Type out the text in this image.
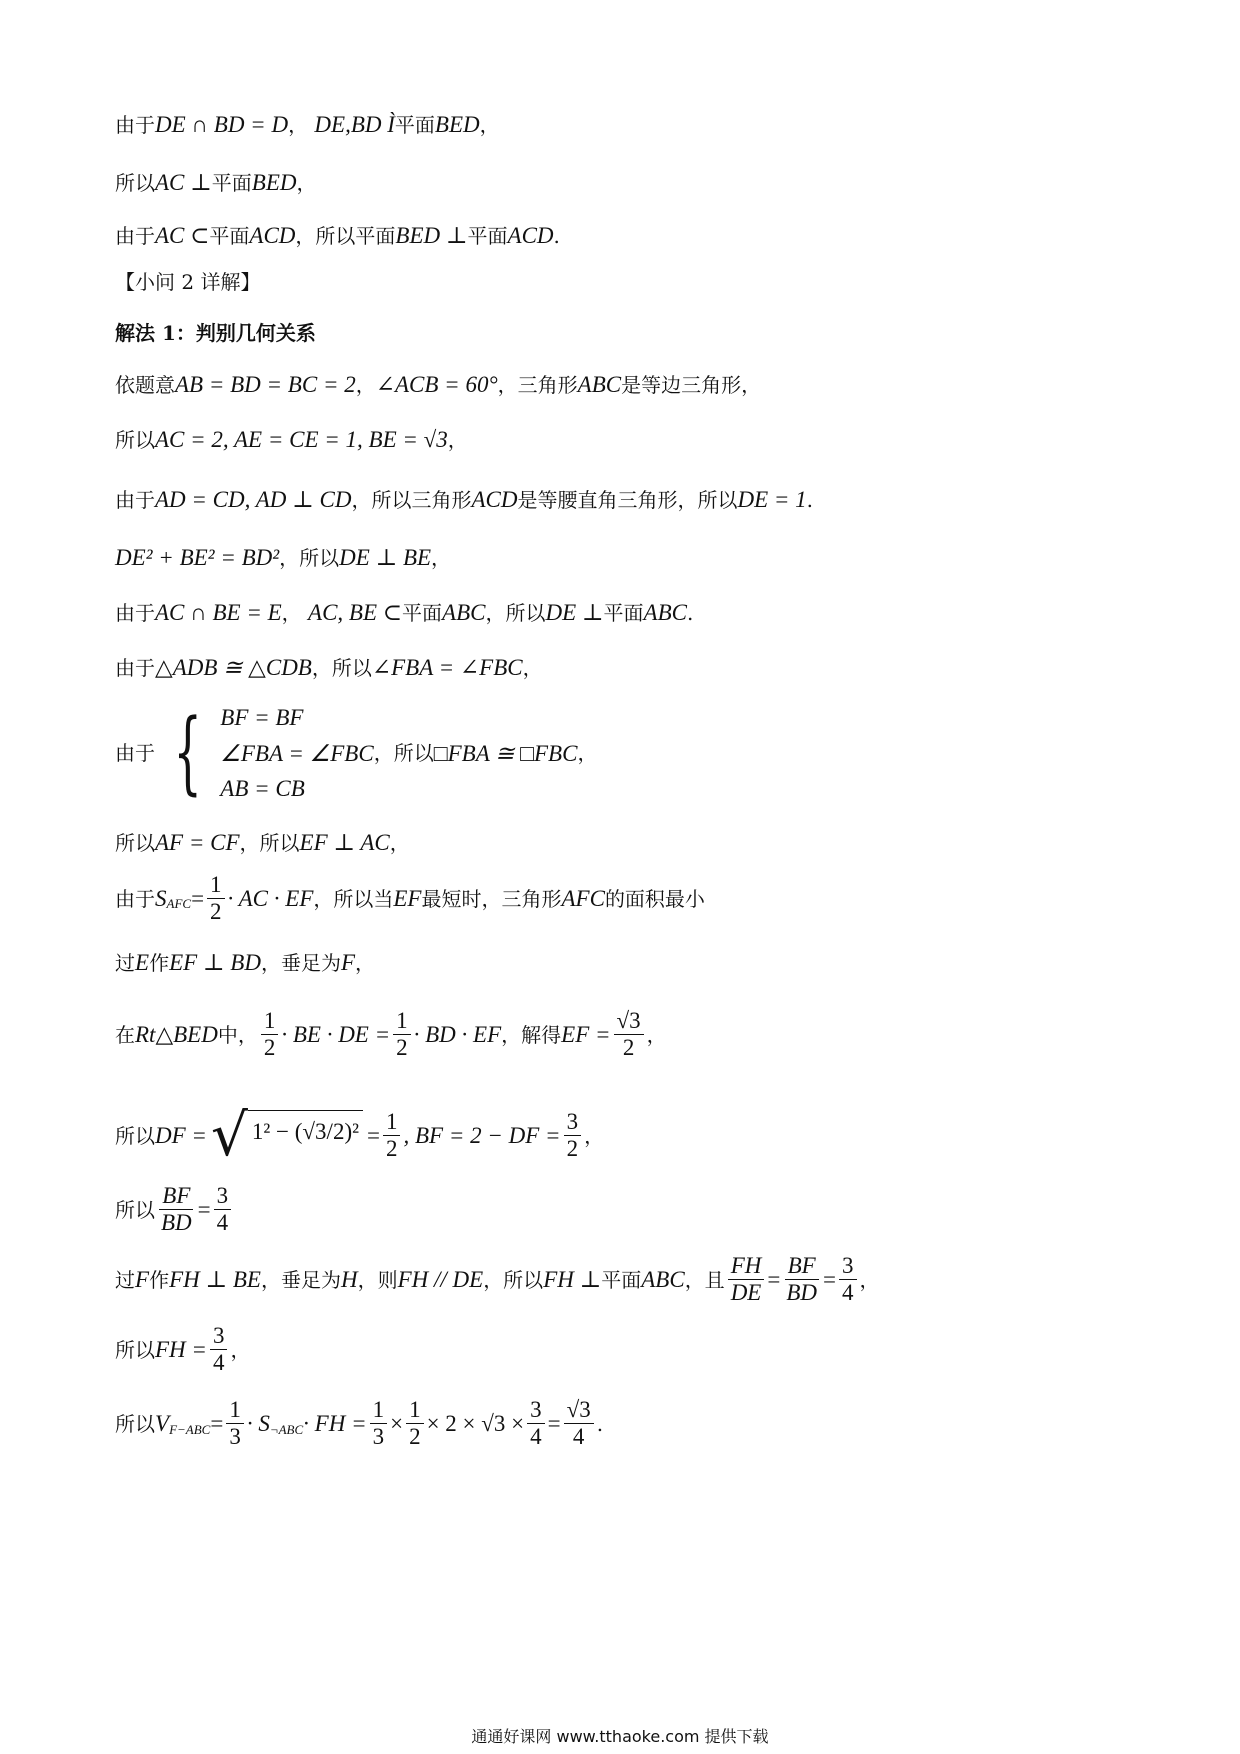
由于 DE ∩ BD = D ，
DE,BD Ì 平面 BED ，
所以 AC ⊥ 平面 BED ，
由于 AC ⊂ 平面 ACD ，所以平面 BED ⊥ 平面 ACD .
【小问 2 详解】
解法 1：判别几何关系
依题意 AB = BD = BC = 2 ， ∠ACB = 60° ，三角形 ABC 是等边三角形，
所以 AC = 2, AE = CE = 1, BE = √3 ，
由于 AD = CD, AD ⊥ CD ，所以三角形 ACD 是等腰直角三角形，所以 DE = 1 .
DE² + BE² = BD² ，所以 DE ⊥ BE ，
由于 AC ∩ BE = E ，
AC, BE ⊂ 平面 ABC ，所以 DE ⊥ 平面 ABC .
由于 △ADB ≅ △CDB ，所以 ∠FBA = ∠FBC ，
由于 { BF = BF
∠FBA = ∠FBC
AB = CB
，所以 □FBA ≅ □FBC ，
所以 AF = CF ，所以 EF ⊥ AC ，
由于 $S_{AFC} = \frac{1}{2}$ · AC · EF ，所以当 EF 最短时，三角形 AFC 的面积最小
过 E 作 EF ⊥ BD ，垂足为 F ，
在 Rt△BED 中， $\frac{1}{2}$ · BE · DE = $\frac{1}{2}$ · BD · EF ，解得 EF = $\frac{√3}{2}$ ，
所以 DF = √ $1^2 - (√3/2)^2 = \frac{1}{2}$ , BF = 2 − DF = $\frac{3}{2}$ ，
所以 $\frac{BF}{BD} = \frac{3}{4}$
过 F 作 FH ⊥ BE ，垂足为 H ，则 FH // DE ，所以 FH ⊥ 平面 ABC ，且 $\frac{FH}{DE} = \frac{BF}{BD} = \frac{3}{4}$ ，
所以 FH = $\frac{3}{4}$ ，
所以 $V_{F-ABC} = \frac{1}{3} \cdot S_{\neg ABC}$ · FH = $\frac{1}{3} \times \frac{1}{2} \times 2 \times √3 \times \frac{3}{4} = \frac{√3}{4}$ .
通通好课网 www.tthaoke.com 提供下载
